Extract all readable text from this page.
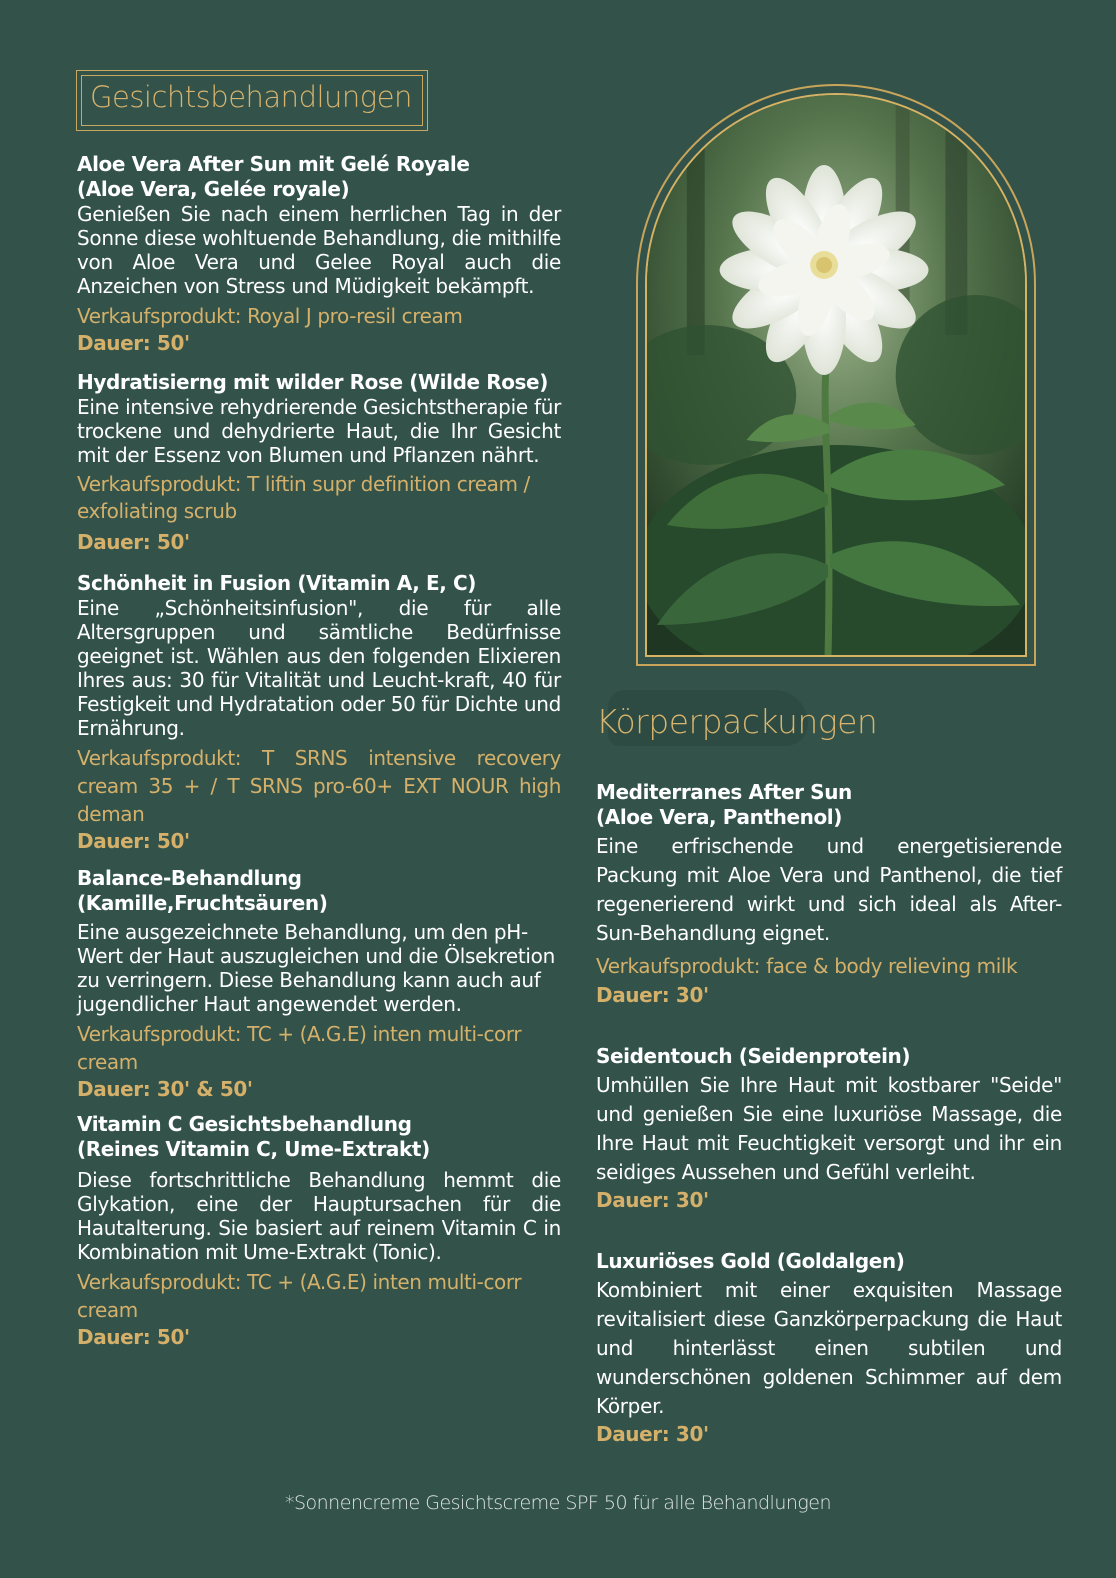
Gesichtsbehandlungen
Aloe Vera After Sun mit Gelé Royale
(Aloe Vera, Gelée royale)
Genießen Sie nach einem herrlichen Tag in der Sonne diese wohltuende Behandlung, die mithilfe von Aloe Vera und Gelee Royal auch die Anzeichen von Stress und Müdigkeit bekämpft.
Verkaufsprodukt: Royal J pro-resil cream
Dauer: 50'
Hydratisierng mit wilder Rose (Wilde Rose)
Eine intensive rehydrierende Gesichtstherapie für trockene und dehydrierte Haut, die Ihr Gesicht mit der Essenz von Blumen und Pflanzen nährt.
Verkaufsprodukt: T liftin supr definition cream / exfoliating scrub
Dauer: 50'
Schönheit in Fusion (Vitamin A, E, C)
Eine „Schönheitsinfusion", die für alle Altersgruppen und sämtliche Bedürfnisse geeignet ist. Wählen aus den folgenden Elixieren Ihres aus: 30 für Vitalität und Leucht-kraft, 40 für Festigkeit und Hydratation oder 50 für Dichte und Ernährung.
Verkaufsprodukt: T SRNS intensive recovery cream 35 + / T SRNS pro-60+ EXT NOUR high deman
Dauer: 50'
Balance-Behandlung
(Kamille,Fruchtsäuren)
Eine ausgezeichnete Behandlung, um den pH-Wert der Haut auszugleichen und die Ölsekretion zu verringern. Diese Behandlung kann auch auf jugendlicher Haut angewendet werden.
Verkaufsprodukt: TC + (A.G.E) inten multi-corr cream
Dauer: 30' & 50'
Vitamin C Gesichtsbehandlung
(Reines Vitamin C, Ume-Extrakt)
Diese fortschrittliche Behandlung hemmt die Glykation, eine der Hauptursachen für die Hautalterung. Sie basiert auf reinem Vitamin C in Kombination mit Ume-Extrakt (Tonic).
Verkaufsprodukt: TC + (A.G.E) inten multi-corr cream
Dauer: 50'
Körperpackungen
Mediterranes After Sun
(Aloe Vera, Panthenol)
Eine erfrischende und energetisierende Packung mit Aloe Vera und Panthenol, die tief regenerierend wirkt und sich ideal als After-Sun-Behandlung eignet.
Verkaufsprodukt: face & body relieving milk
Dauer: 30'
Seidentouch (Seidenprotein)
Umhüllen Sie Ihre Haut mit kostbarer "Seide" und genießen Sie eine luxuriöse Massage, die Ihre Haut mit Feuchtigkeit versorgt und ihr ein seidiges Aussehen und Gefühl verleiht.
Dauer: 30'
Luxuriöses Gold (Goldalgen)
Kombiniert mit einer exquisiten Massage revitalisiert diese Ganzkörperpackung die Haut und hinterlässt einen subtilen und wunderschönen goldenen Schimmer auf dem Körper.
Dauer: 30'
*Sonnencreme Gesichtscreme SPF 50 für alle Behandlungen
